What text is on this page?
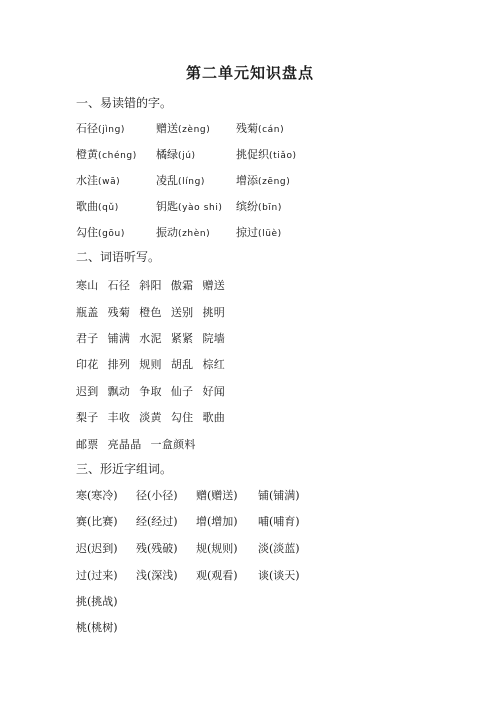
第二单元知识盘点
一、易读错的字。
石径(jìng)	赠送(zèng) 残菊(cán)
橙黄(chéng) 橘绿(jú)	挑促织(tiǎo)
水洼(wā)	凌乱(líng)	增添(zēng)
歌曲(qǔ)	钥匙(yào shi) 缤纷(bīn)
勾住(gōu)	振动(zhèn) 掠过(lüè)
二、词语听写。
寒山 石径 斜阳 傲霜 赠送
瓶盖 残菊 橙色 送别 挑明
君子 铺满 水泥 紧紧 院墙
印花 排列 规则 胡乱 棕红
迟到 飘动 争取 仙子 好闻
梨子 丰收 淡黄 勾住 歌曲
邮票 亮晶晶 一盒颜料
三、形近字组词。
寒(寒冷) 径(小径) 赠(赠送) 铺(铺满)
赛(比赛) 经(经过) 增(增加) 哺(哺育)
迟(迟到) 残(残破) 规(规则) 淡(淡蓝)
过(过来) 浅(深浅) 观(观看) 谈(谈天)
挑(挑战)
桃(桃树)
